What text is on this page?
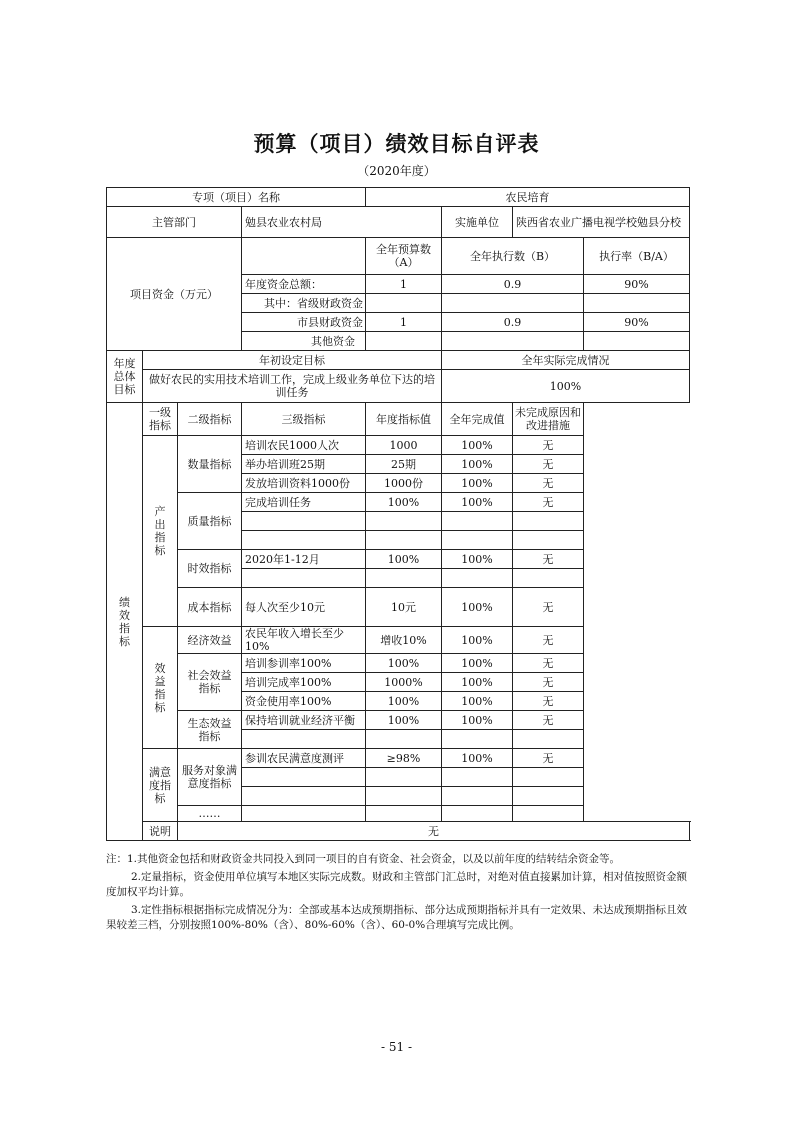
预算（项目）绩效目标自评表
（2020年度）
专项（项目）名称				农民培育			
主管部门			勉县农业农村局		实施单位	陕西省农业广播电视学校勉县分校	
项目资金（万元）				全年预算数（A）	全年执行数（B）		执行率（B/A）
			年度资金总额：	1	0.9		90%
			其中：省级财政资金				
			市县财政资金	1	0.9		90%
			其他资金				
年度总体目标	年初设定目标				全年实际完成情况		
	做好农民的实用技术培训工作，完成上级业务单位下达的培训任务				100%		
绩效指标	一级指标	二级指标	三级指标	年度指标值	全年完成值	未完成原因和改进措施	
	产出指标	数量指标	培训农民1000人次	1000	100%	无	
			举办培训班25期	25期	100%	无	
			发放培训资料1000份	1000份	100%	无	
		质量指标	完成培训任务	100%	100%	无	

		时效指标	2020年1-12月	100%	100%	无	

		成本指标	每人次至少10元	10元	100%	无	
	效益指标	经济效益	农民年收入增长至少10%	增收10%	100%	无	
		社会效益指标	培训参训率100%	100%	100%	无	
			培训完成率100%	1000%	100%	无	
			资金使用率100%	100%	100%	无	
		生态效益指标	保持培训就业经济平衡	100%	100%	无	

	满意度指标	服务对象满意度指标	参训农民满意度测评	≥98%	100%	无	

		……					
	说明	无					

注：1.其他资金包括和财政资金共同投入到同一项目的自有资金、社会资金，以及以前年度的结转结余资金等。

2.定量指标，资金使用单位填写本地区实际完成数。财政和主管部门汇总时，对绝对值直接累加计算，相对值按照资金额度加权平均计算。

3.定性指标根据指标完成情况分为：全部或基本达成预期指标、部分达成预期指标并具有一定效果、未达成预期指标且效果较差三档，分别按照100%-80%（含）、80%-60%（含）、60-0%合理填写完成比例。

- 51 -
